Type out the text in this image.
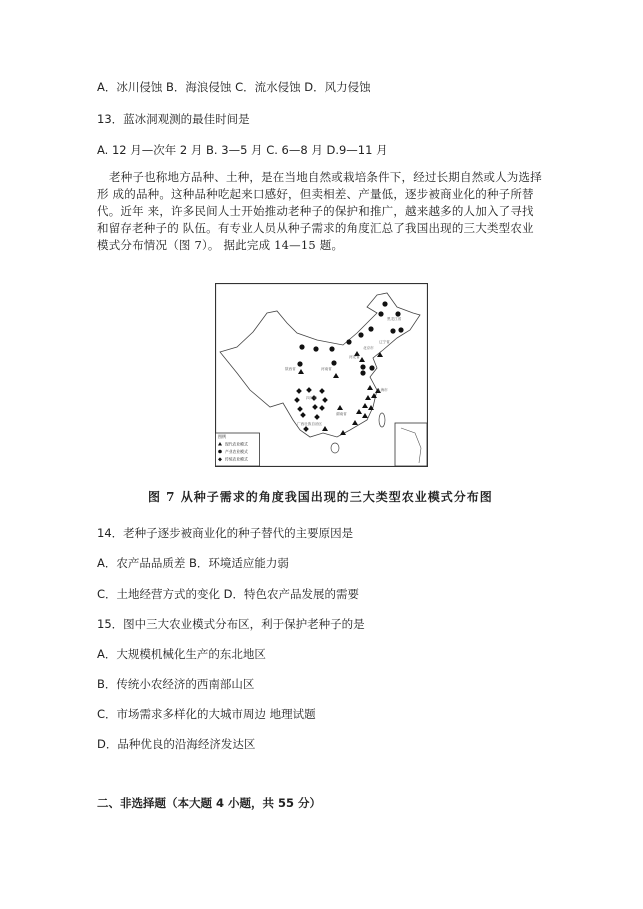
A．冰川侵蚀 B．海浪侵蚀 C．流水侵蚀 D．风力侵蚀
13．蓝冰洞观测的最佳时间是
A. 12 月—次年 2 月 B. 3—5 月 C. 6—8 月 D.9—11 月
老种子也称地方品种、土种，是在当地自然或栽培条件下，经过长期自然或人为选择
形 成的品种。这种品种吃起来口感好，但卖相差、产量低，逐步被商业化的种子所替
代。近年 来，许多民间人士开始推动老种子的保护和推广，越来越多的人加入了寻找
和留存老种子的 队伍。有专业人员从种子需求的角度汇总了我国出现的三大类型农业
模式分布情况（图 7）。 据此完成 14—15 题。
黑龙江省
辽宁省
北京市
河北省
陕西省	河南省
四川省
湖南省
上海市
广西壮族自治区
图例
现代农业模式
产业农业模式
传统农业模式
图 7 从种子需求的角度我国出现的三大类型农业模式分布图
14．老种子逐步被商业化的种子替代的主要原因是
A．农产品品质差 B．环境适应能力弱
C．土地经营方式的变化 D．特色农产品发展的需要
15．图中三大农业模式分布区，利于保护老种子的是
A．大规模机械化生产的东北地区
B．传统小农经济的西南部山区
C．市场需求多样化的大城市周边 地理试题
D．品种优良的沿海经济发达区
二、非选择题（本大题 4 小题，共 55 分）
